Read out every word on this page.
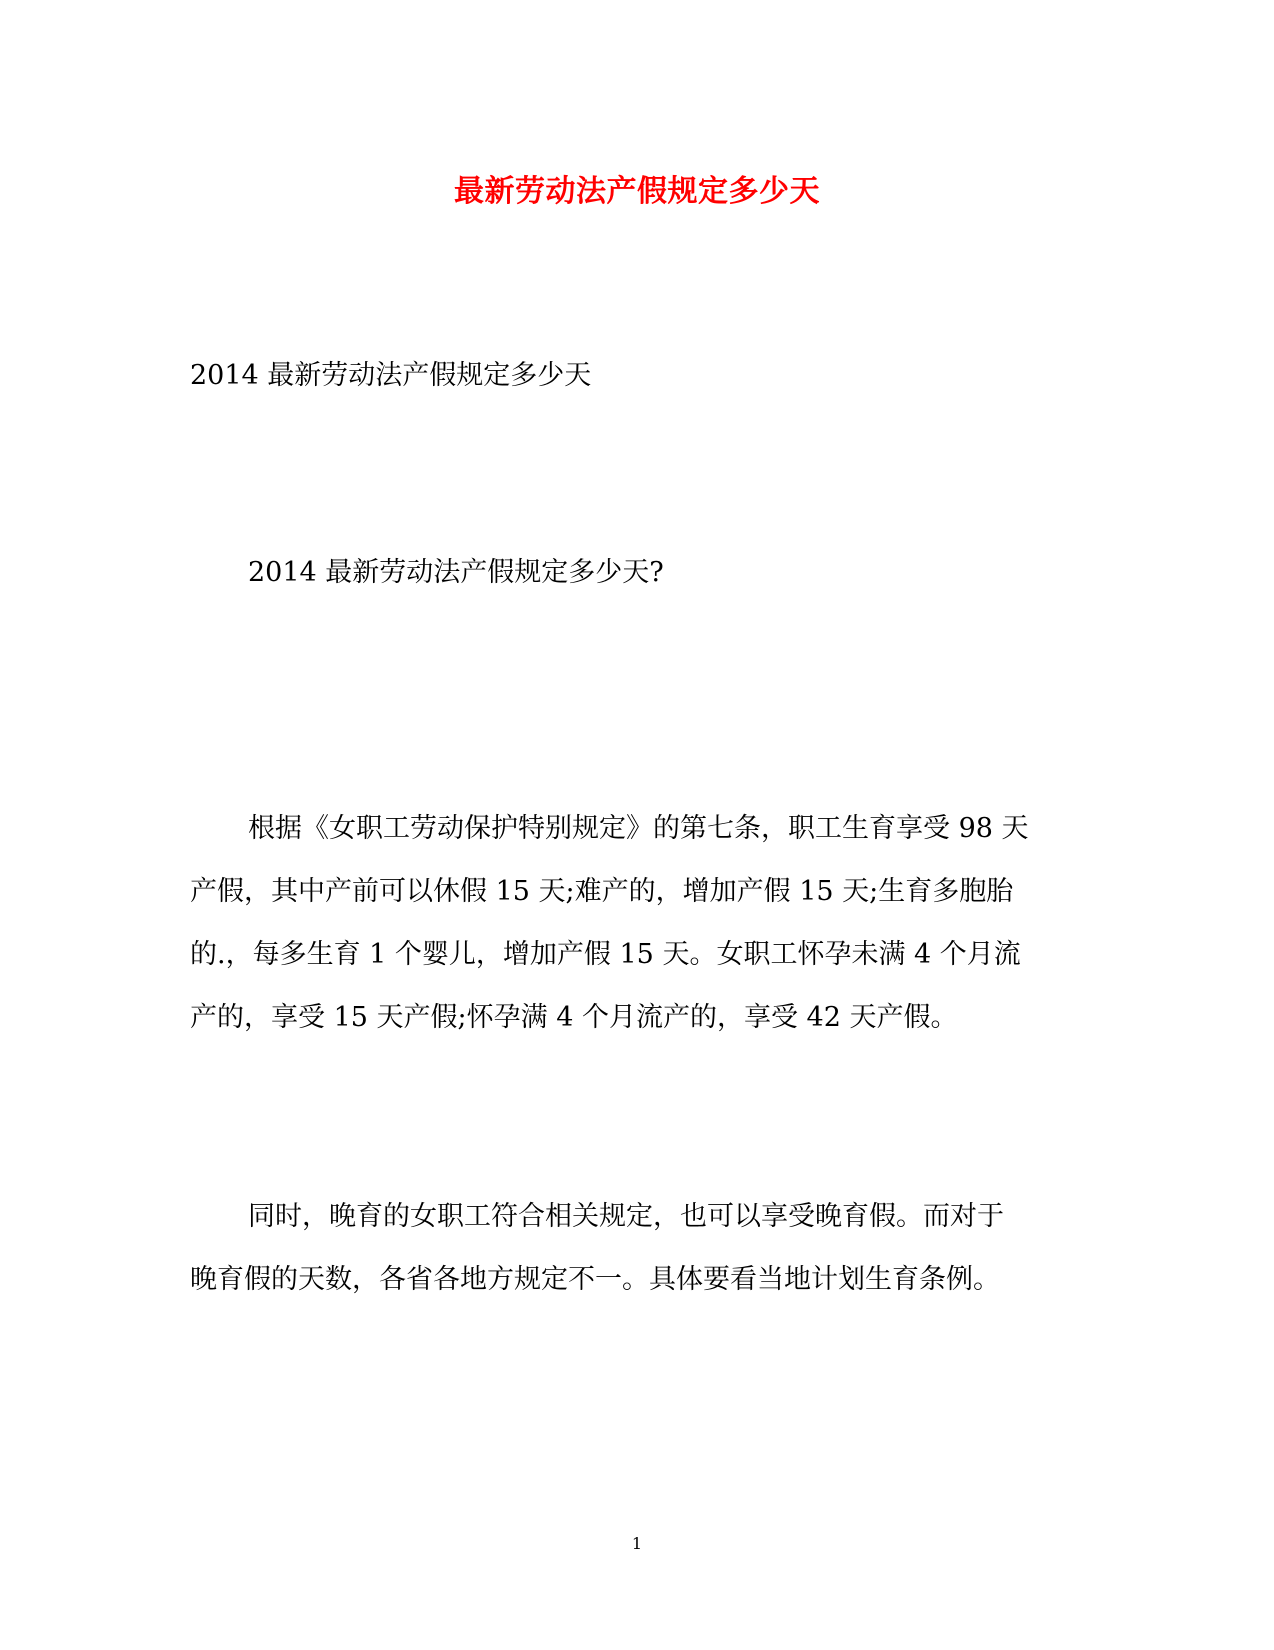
最新劳动法产假规定多少天
2014 最新劳动法产假规定多少天
2014 最新劳动法产假规定多少天?
根据《女职工劳动保护特别规定》的第七条，职工生育享受 98 天
产假，其中产前可以休假 15 天;难产的，增加产假 15 天;生育多胞胎
的.，每多生育 1 个婴儿，增加产假 15 天。女职工怀孕未满 4 个月流
产的，享受 15 天产假;怀孕满 4 个月流产的，享受 42 天产假。
同时，晚育的女职工符合相关规定，也可以享受晚育假。而对于
晚育假的天数，各省各地方规定不一。具体要看当地计划生育条例。
1
